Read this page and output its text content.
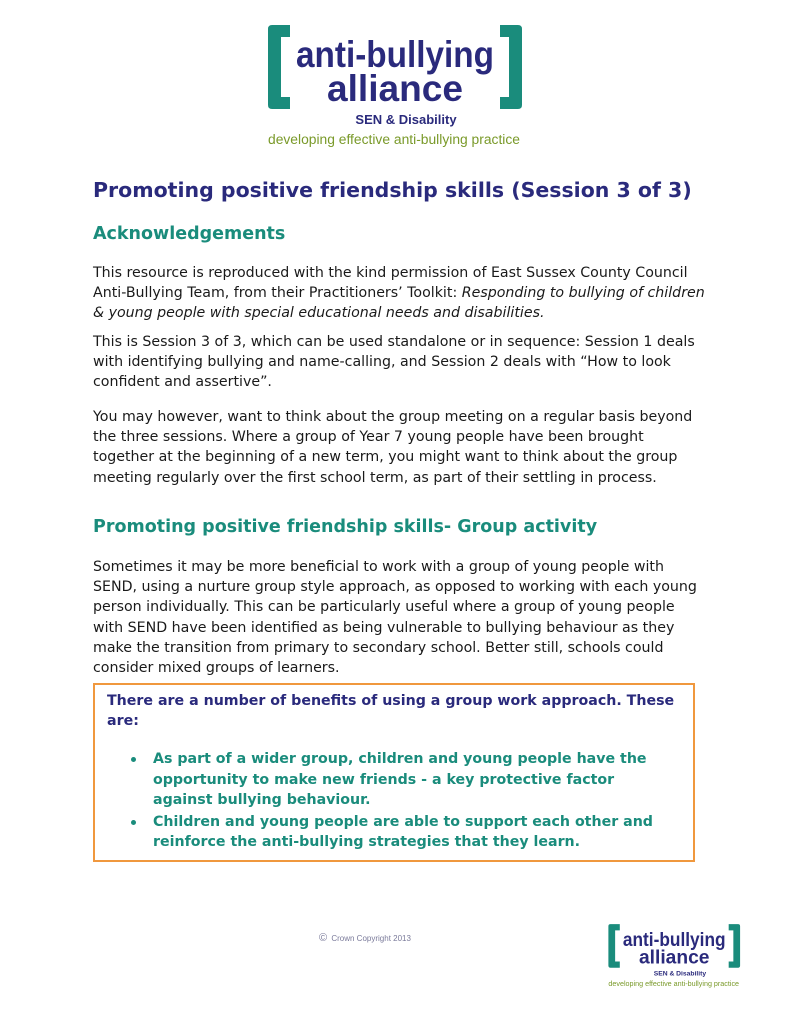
anti-bullying
alliance
SEN & Disability
developing effective anti-bullying practice
Promoting positive friendship skills (Session 3 of 3)
Acknowledgements

This resource is reproduced with the kind permission of East Sussex County Council Anti-Bullying Team, from their Practitioners’ Toolkit: Responding to bullying of children & young people with special educational needs and disabilities.

This is Session 3 of 3, which can be used standalone or in sequence: Session 1 deals with identifying bullying and name-calling, and Session 2 deals with “How to look confident and assertive”.

You may however, want to think about the group meeting on a regular basis beyond the three sessions. Where a group of Year 7 young people have been brought together at the beginning of a new term, you might want to think about the group meeting regularly over the first school term, as part of their settling in process.

Promoting positive friendship skills- Group activity

Sometimes it may be more beneficial to work with a group of young people with SEND, using a nurture group style approach, as opposed to working with each young person individually. This can be particularly useful where a group of young people with SEND have been identified as being vulnerable to bullying behaviour as they make the transition from primary to secondary school. Better still, schools could consider mixed groups of learners.

There are a number of benefits of using a group work approach. These are:

As part of a wider group, children and young people have the opportunity to make new friends - a key protective factor against bullying behaviour.
Children and young people are able to support each other and reinforce the anti-bullying strategies that they learn.
© Crown Copyright 2013	anti-bullying
alliance
SEN & Disability
developing effective anti-bullying practice
